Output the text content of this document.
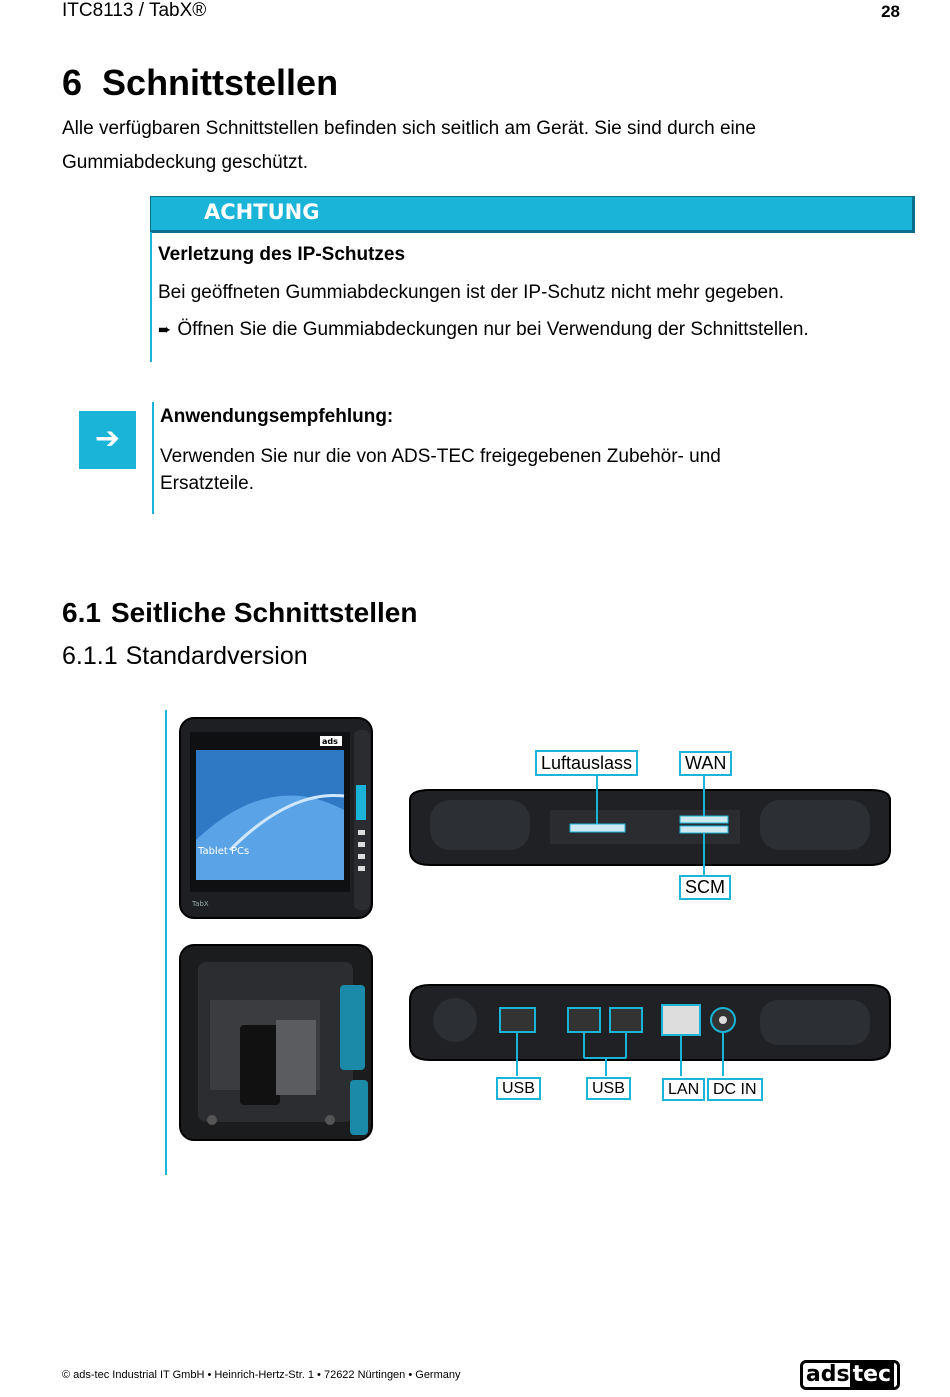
ITC8113 / TabX®	28
6 Schnittstellen
Alle verfügbaren Schnittstellen befinden sich seitlich am Gerät. Sie sind durch eine Gummiabdeckung geschützt.
ACHTUNG
Verletzung des IP-Schutzes
Bei geöffneten Gummiabdeckungen ist der IP-Schutz nicht mehr gegeben.
➨ Öffnen Sie die Gummiabdeckungen nur bei Verwendung der Schnittstellen.
➔
Anwendungsempfehlung:
Verwenden Sie nur die von ADS-TEC freigegebenen Zubehör- und Ersatzteile.
6.1 Seitliche Schnittstellen
6.1.1 Standardversion
Tablet PCs
TabX
ads
Luftauslass	WAN
SCM
USB	USB	LAN DC IN
© ads-tec Industrial IT GmbH • Heinrich-Hertz-Str. 1 • 72622 Nürtingen • Germany	ads tec
